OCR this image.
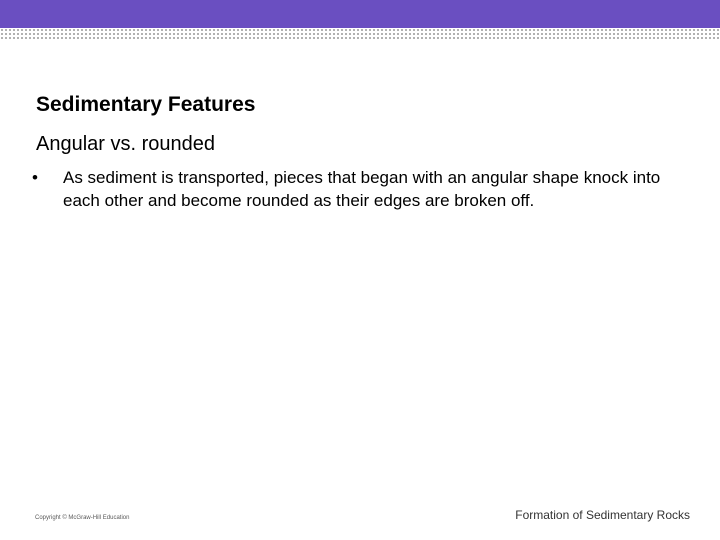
Sedimentary Features
Angular vs. rounded
•	As sediment is transported, pieces that began with an angular shape knock into each other and become rounded as their edges are broken off.
Copyright © McGraw-Hill Education	Formation of Sedimentary Rocks
